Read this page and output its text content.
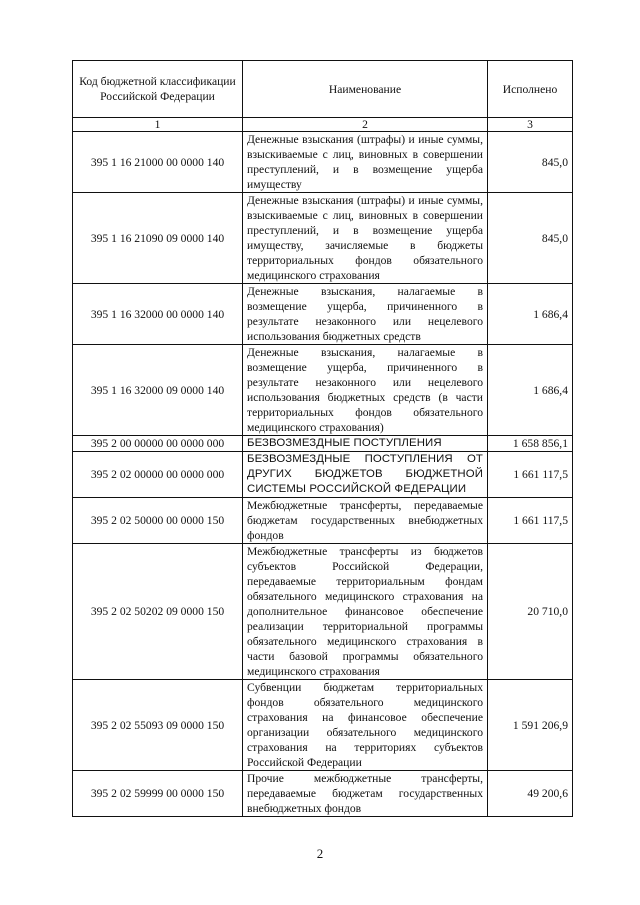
Код бюджетной классификации Российской Федерации	Наименование	Исполнено
1	2	3
395 1 16 21000 00 0000 140	Денежные взыскания (штрафы) и иные суммы, взыскиваемые с лиц, виновных в совершении преступлений, и в возмещение ущерба имуществу	845,0
395 1 16 21090 09 0000 140	Денежные взыскания (штрафы) и иные суммы, взыскиваемые с лиц, виновных в совершении преступлений, и в возмещение ущерба имуществу, зачисляемые в бюджеты территориальных фондов обязательного медицинского страхования	845,0
395 1 16 32000 00 0000 140	Денежные взыскания, налагаемые в возмещение ущерба, причиненного в результате незаконного или нецелевого использования бюджетных средств	1 686,4
395 1 16 32000 09 0000 140	Денежные взыскания, налагаемые в возмещение ущерба, причиненного в результате незаконного или нецелевого использования бюджетных средств (в части территориальных фондов обязательного медицинского страхования)	1 686,4
395 2 00 00000 00 0000 000	БЕЗВОЗМЕЗДНЫЕ ПОСТУПЛЕНИЯ	1 658 856,1
395 2 02 00000 00 0000 000	БЕЗВОЗМЕЗДНЫЕ ПОСТУПЛЕНИЯ ОТ ДРУГИХ БЮДЖЕТОВ БЮДЖЕТНОЙ СИСТЕМЫ РОССИЙСКОЙ ФЕДЕРАЦИИ	1 661 117,5
395 2 02 50000 00 0000 150	Межбюджетные трансферты, передаваемые бюджетам государственных внебюджетных фондов	1 661 117,5
395 2 02 50202 09 0000 150	Межбюджетные трансферты из бюджетов субъектов Российской Федерации, передаваемые территориальным фондам обязательного медицинского страхования на дополнительное финансовое обеспечение реализации территориальной программы обязательного медицинского страхования в части базовой программы обязательного медицинского страхования	20 710,0
395 2 02 55093 09 0000 150	Субвенции бюджетам территориальных фондов обязательного медицинского страхования на финансовое обеспечение организации обязательного медицинского страхования на территориях субъектов Российской Федерации	1 591 206,9
395 2 02 59999 00 0000 150	Прочие межбюджетные трансферты, передаваемые бюджетам государственных внебюджетных фондов	49 200,6
2
